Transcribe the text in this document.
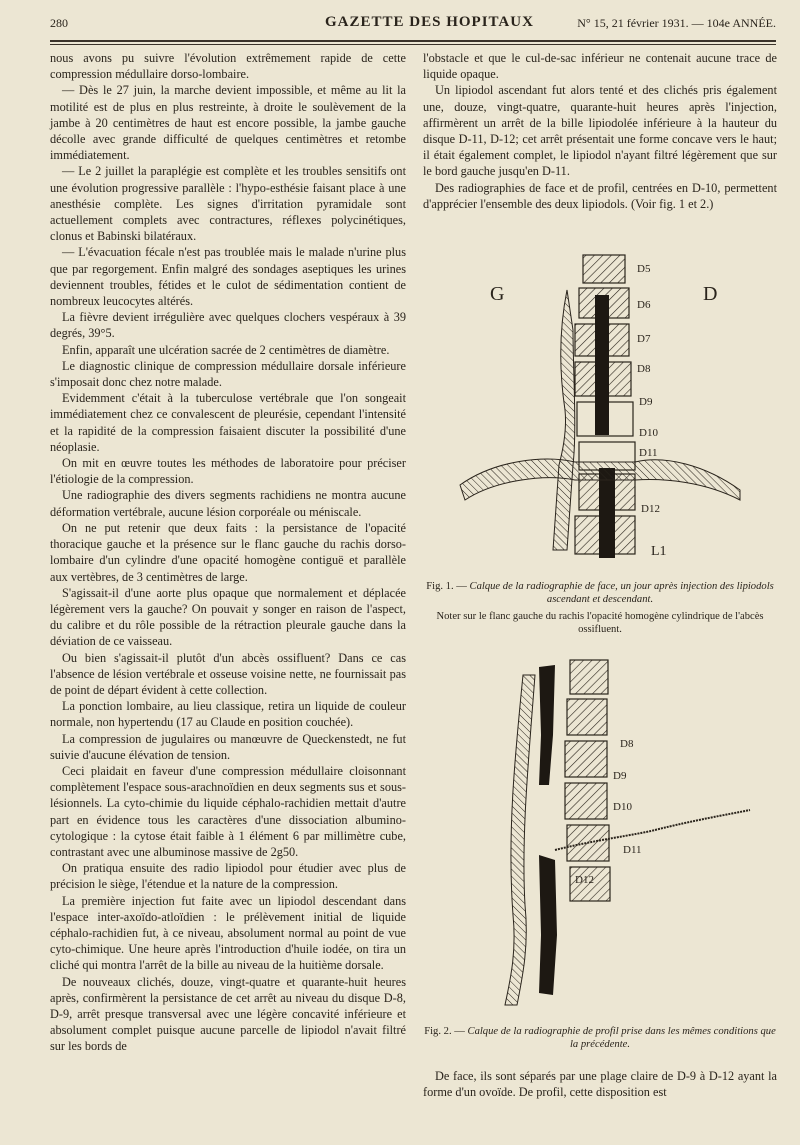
280	GAZETTE DES HOPITAUX	N° 15, 21 février 1931. — 104e ANNÉE.

nous avons pu suivre l'évolution extrêmement rapide de cette compression médullaire dorso-lombaire.

— Dès le 27 juin, la marche devient impossible, et même au lit la motilité est de plus en plus restreinte, à droite le soulèvement de la jambe à 20 centimètres de haut est encore possible, la jambe gauche décolle avec grande difficulté de quelques centimètres et retombe immédiatement.

— Le 2 juillet la paraplégie est complète et les troubles sensitifs ont une évolution progressive parallèle : l'hypo-esthésie faisant place à une anesthésie complète. Les signes d'irritation pyramidale sont actuellement complets avec contractures, réflexes polycinétiques, clonus et Babinski bilatéraux.

— L'évacuation fécale n'est pas troublée mais le malade n'urine plus que par regorgement. Enfin malgré des sondages aseptiques les urines deviennent troubles, fétides et le culot de sédimentation contient de nombreux leucocytes altérés.

La fièvre devient irrégulière avec quelques clochers vespéraux à 39 degrés, 39°5.

Enfin, apparaît une ulcération sacrée de 2 centimètres de diamètre.

Le diagnostic clinique de compression médullaire dorsale inférieure s'imposait donc chez notre malade.

Evidemment c'était à la tuberculose vertébrale que l'on songeait immédiatement chez ce convalescent de pleurésie, cependant l'intensité et la rapidité de la compression faisaient discuter la possibilité d'une néoplasie.

On mit en œuvre toutes les méthodes de laboratoire pour préciser l'étiologie de la compression.

Une radiographie des divers segments rachidiens ne montra aucune déformation vertébrale, aucune lésion corporéale ou méniscale.

On ne put retenir que deux faits : la persistance de l'opacité thoracique gauche et la présence sur le flanc gauche du rachis dorso-lombaire d'un cylindre d'une opacité homogène contiguë et parallèle aux vertèbres, de 3 centimètres de large.

S'agissait-il d'une aorte plus opaque que normalement et déplacée légèrement vers la gauche? On pouvait y songer en raison de l'aspect, du calibre et du rôle possible de la rétraction pleurale gauche dans la déviation de ce vaisseau.

Ou bien s'agissait-il plutôt d'un abcès ossifluent? Dans ce cas l'absence de lésion vertébrale et osseuse voisine nette, ne fournissait pas de point de départ évident à cette collection.

La ponction lombaire, au lieu classique, retira un liquide de couleur normale, non hypertendu (17 au Claude en position couchée).

La compression de jugulaires ou manœuvre de Queckenstedt, ne fut suivie d'aucune élévation de tension.

Ceci plaidait en faveur d'une compression médullaire cloisonnant complètement l'espace sous-arachnoïdien en deux segments sus et sous-lésionnels. La cyto-chimie du liquide céphalo-rachidien mettait d'autre part en évidence tous les caractères d'une dissociation albumino-cytologique : la cytose était faible à 1 élément 6 par millimètre cube, contrastant avec une albuminose massive de 2g50.

On pratiqua ensuite des radio lipiodol pour étudier avec plus de précision le siège, l'étendue et la nature de la compression.

La première injection fut faite avec un lipiodol descendant dans l'espace inter-axoïdo-atloïdien : le prélèvement initial de liquide céphalo-rachidien fut, à ce niveau, absolument normal au point de vue cyto-chimique. Une heure après l'introduction d'huile iodée, on tira un cliché qui montra l'arrêt de la bille au niveau de la huitième dorsale.

De nouveaux clichés, douze, vingt-quatre et quarante-huit heures après, confirmèrent la persistance de cet arrêt au niveau du disque D-8, D-9, arrêt presque transversal avec une légère concavité inférieure et absolument complet puisque aucune parcelle de lipiodol n'avait filtré sur les bords de

l'obstacle et que le cul-de-sac inférieur ne contenait aucune trace de liquide opaque.

Un lipiodol ascendant fut alors tenté et des clichés pris également une, douze, vingt-quatre, quarante-huit heures après l'injection, affirmèrent un arrêt de la bille lipiodolée inférieure à la hauteur du disque D-11, D-12; cet arrêt présentait une forme concave vers le haut; il était également complet, le lipiodol n'ayant filtré légèrement que sur le bord gauche jusqu'en D-11.

Des radiographies de face et de profil, centrées en D-10, permettent d'apprécier l'ensemble des deux lipiodols. (Voir fig. 1 et 2.)

G	D
D5
D6
D7
D8
D9
D10
D11
D12
L1
Fig. 1. — Calque de la radiographie de face, un jour après injection des lipiodols ascendant et descendant.
Noter sur le flanc gauche du rachis l'opacité homogène cylindrique de l'abcès ossifluent.
D8
D9
D10
D11
D12
Fig. 2. — Calque de la radiographie de profil prise dans les mêmes conditions que la précédente.

De face, ils sont séparés par une plage claire de D-9 à D-12 ayant la forme d'un ovoïde. De profil, cette disposition est
